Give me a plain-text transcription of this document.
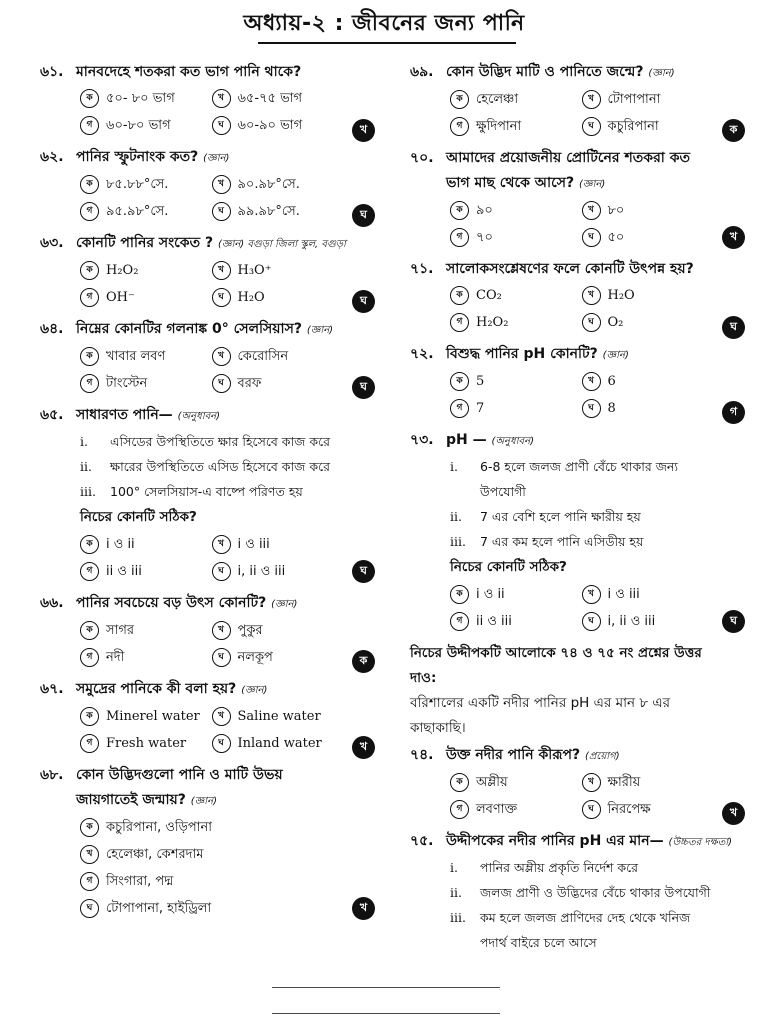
অধ্যায়-২ : জীবনের জন্য পানি
৬১. মানবদেহে শতকরা কত ভাগ পানি থাকে?
ক	৫০- ৮০ ভাগ	খ	৬৫-৭৫ ভাগ
গ	৬০-৮০ ভাগ	ঘ	৬০-৯০ ভাগ	খ
৬২. পানির স্ফুটনাংক কত? (জ্ঞান)
ক	৮৫.৮৮°সে.	খ	৯০.৯৮°সে.
গ	৯৫.৯৮°সে.	ঘ	৯৯.৯৮°সে.	ঘ
৬৩. কোনটি পানির সংকেত ? (জ্ঞান) বগুড়া জিলা স্কুল, বগুড়া
ক	H₂O₂	খ	H₃O⁺
গ	OH⁻	ঘ	H₂O	ঘ
৬৪. নিম্নের কোনটির গলনাঙ্ক 0° সেলসিয়াস? (জ্ঞান)
ক	খাবার লবণ	খ	কেরোসিন
গ	টাংস্টেন	ঘ	বরফ	ঘ
৬৫. সাধারণত পানি— (অনুধাবন)
i.	এসিডের উপস্থিতিতে ক্ষার হিসেবে কাজ করে
ii.	ক্ষারের উপস্থিতিতে এসিড হিসেবে কাজ করে
iii.	100° সেলসিয়াস-এ বাষ্পে পরিণত হয়
নিচের কোনটি সঠিক?
ক	i ও ii	খ	i ও iii
গ	ii ও iii	ঘ	i, ii ও iii	ঘ
৬৬. পানির সবচেয়ে বড় উৎস কোনটি? (জ্ঞান)
ক	সাগর	খ	পুকুর
গ	নদী	ঘ	নলকূপ	ক
৬৭. সমুদ্রের পানিকে কী বলা হয়? (জ্ঞান)
ক	Minerel water	খ	Saline water
গ	Fresh water	ঘ	Inland water	খ
৬৮. কোন উদ্ভিদগুলো পানি ও মাটি উভয়
জায়গাতেই জন্মায়? (জ্ঞান)
ক	কচুরিপানা, ওড়িপানা
খ	হেলেঞ্চা, কেশরদাম
গ	সিংগারা, পদ্ম
ঘ	টোপাপানা, হাইড্রিলা	খ
৬৯. কোন উদ্ভিদ মাটি ও পানিতে জন্মে? (জ্ঞান)
ক	হেলেঞ্চা	খ	টোপাপানা
গ	ক্ষুদিপানা	ঘ	কচুরিপানা	ক
৭০. আমাদের প্রয়োজনীয় প্রোটিনের শতকরা কত
ভাগ মাছ থেকে আসে? (জ্ঞান)
ক	৯০	খ	৮০
গ	৭০	ঘ	৫০	খ
৭১. সালোকসংশ্লেষণের ফলে কোনটি উৎপন্ন হয়?
ক	CO₂	খ	H₂O
গ	H₂O₂	ঘ	O₂	ঘ
৭২. বিশুদ্ধ পানির pH কোনটি? (জ্ঞান)
ক	5	খ	6
গ	7	ঘ	8	গ
৭৩. pH — (অনুধাবন)
i.	6-8 হলে জলজ প্রাণী বেঁচে থাকার জন্য
উপযোগী
ii.	7 এর বেশি হলে পানি ক্ষারীয় হয়
iii.	7 এর কম হলে পানি এসিডীয় হয়
নিচের কোনটি সঠিক?
ক	i ও ii	খ	i ও iii
গ	ii ও iii	ঘ	i, ii ও iii	ঘ
নিচের উদ্দীপকটি আলোকে ৭৪ ও ৭৫ নং প্রশ্নের উত্তর
দাও:
বরিশালের একটি নদীর পানির pH এর মান ৮ এর
কাছাকাছি।
৭৪. উক্ত নদীর পানি কীরূপ? (প্রয়োগ)
ক	অম্লীয়	খ	ক্ষারীয়
গ	লবণাক্ত	ঘ	নিরপেক্ষ	খ
৭৫. উদ্দীপকের নদীর পানির pH এর মান— (উচ্চতর দক্ষতা)
i.	পানির অম্লীয় প্রকৃতি নির্দেশ করে
ii.	জলজ প্রাণী ও উদ্ভিদের বেঁচে থাকার উপযোগী
iii.	কম হলে জলজ প্রাণিদের দেহ থেকে খনিজ
পদার্থ বাইরে চলে আসে
